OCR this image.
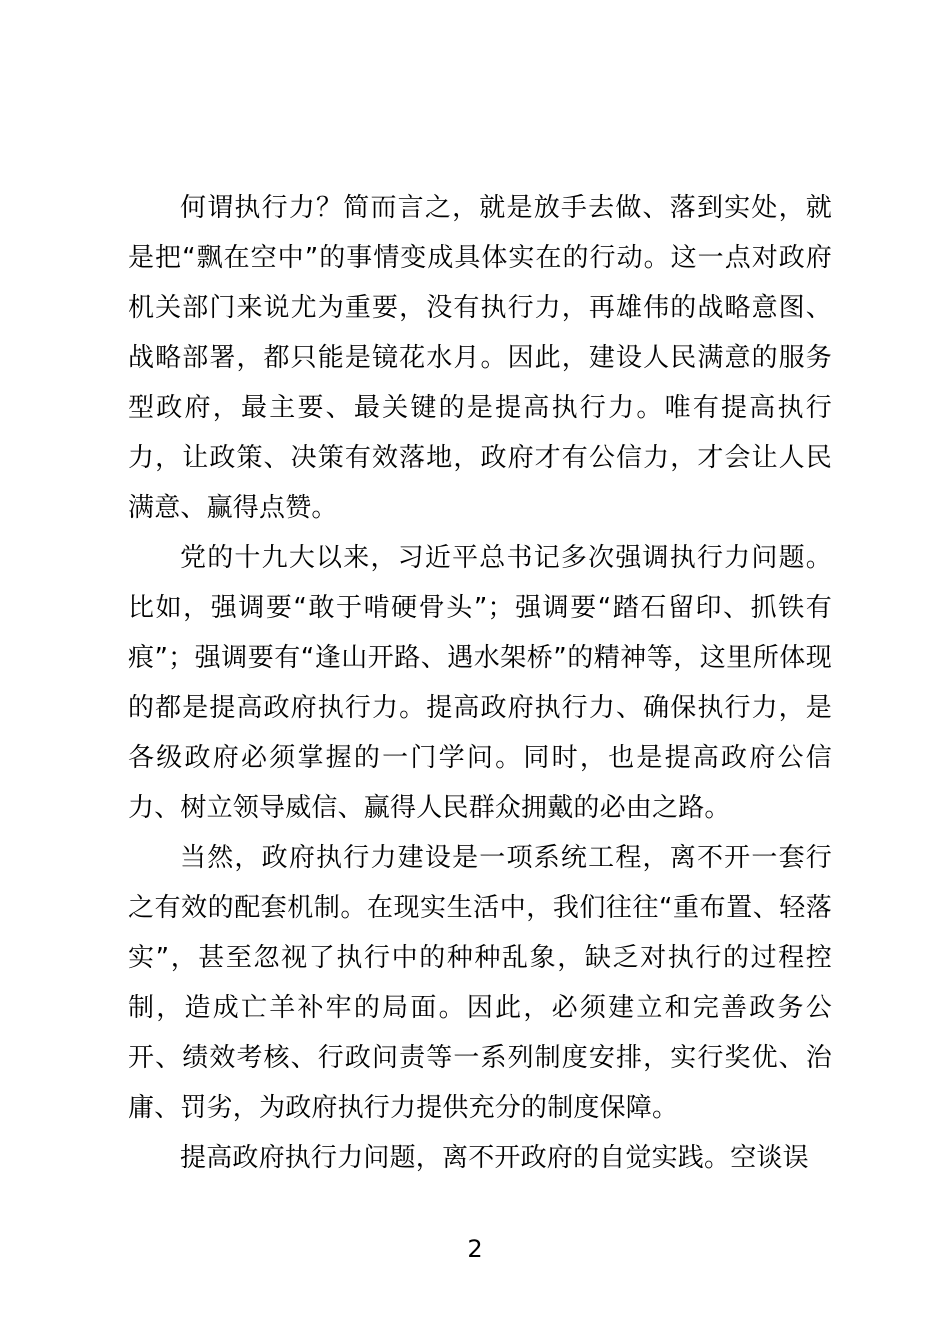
何谓执行力？简而言之，就是放手去做、落到实处，就是把“飘在空中”的事情变成具体实在的行动。这一点对政府机关部门来说尤为重要，没有执行力，再雄伟的战略意图、战略部署，都只能是镜花水月。因此，建设人民满意的服务型政府，最主要、最关键的是提高执行力。唯有提高执行力，让政策、决策有效落地，政府才有公信力，才会让人民满意、赢得点赞。

党的十九大以来，习近平总书记多次强调执行力问题。比如，强调要“敢于啃硬骨头”；强调要“踏石留印、抓铁有痕”；强调要有“逢山开路、遇水架桥”的精神等，这里所体现的都是提高政府执行力。提高政府执行力、确保执行力，是各级政府必须掌握的一门学问。同时，也是提高政府公信力、树立领导威信、赢得人民群众拥戴的必由之路。

当然，政府执行力建设是一项系统工程，离不开一套行之有效的配套机制。在现实生活中，我们往往“重布置、轻落实”，甚至忽视了执行中的种种乱象，缺乏对执行的过程控制，造成亡羊补牢的局面。因此，必须建立和完善政务公开、绩效考核、行政问责等一系列制度安排，实行奖优、治庸、罚劣，为政府执行力提供充分的制度保障。

提高政府执行力问题，离不开政府的自觉实践。空谈误

2
